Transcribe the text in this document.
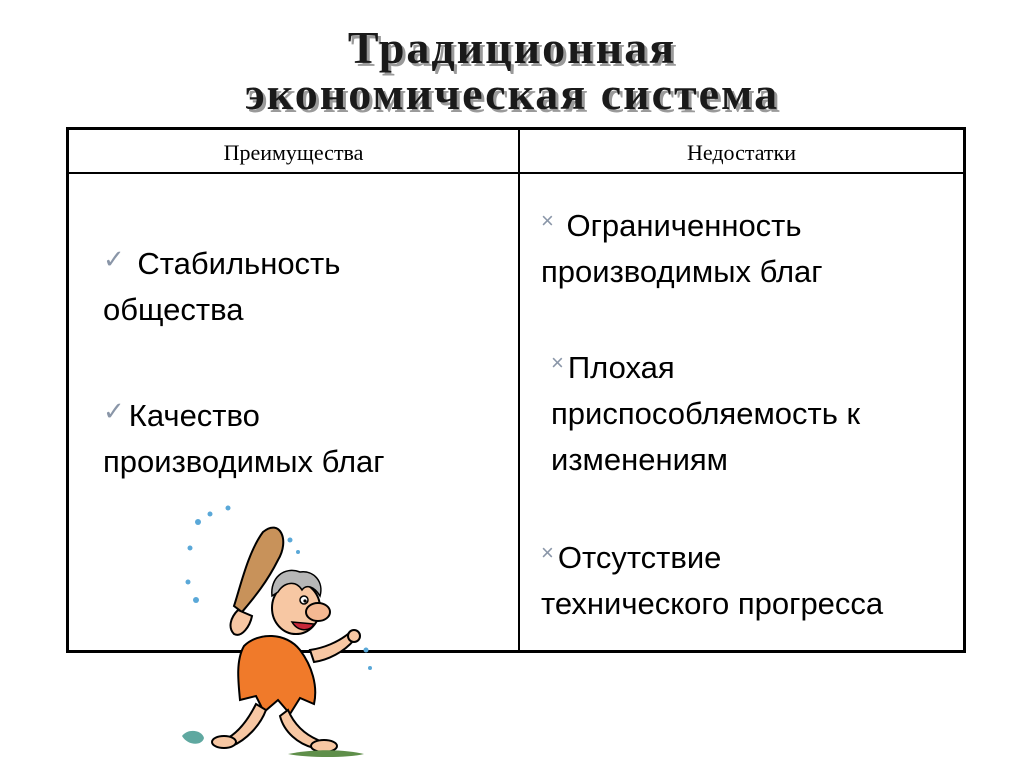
Традиционная
экономическая система
Преимущества	Недостатки
✓ Стабильность
общества
✓ Качество
производимых благ
× Ограниченность
производимых благ
× Плохая
приспособляемость к
изменениям
× Отсутствие
технического прогресса
